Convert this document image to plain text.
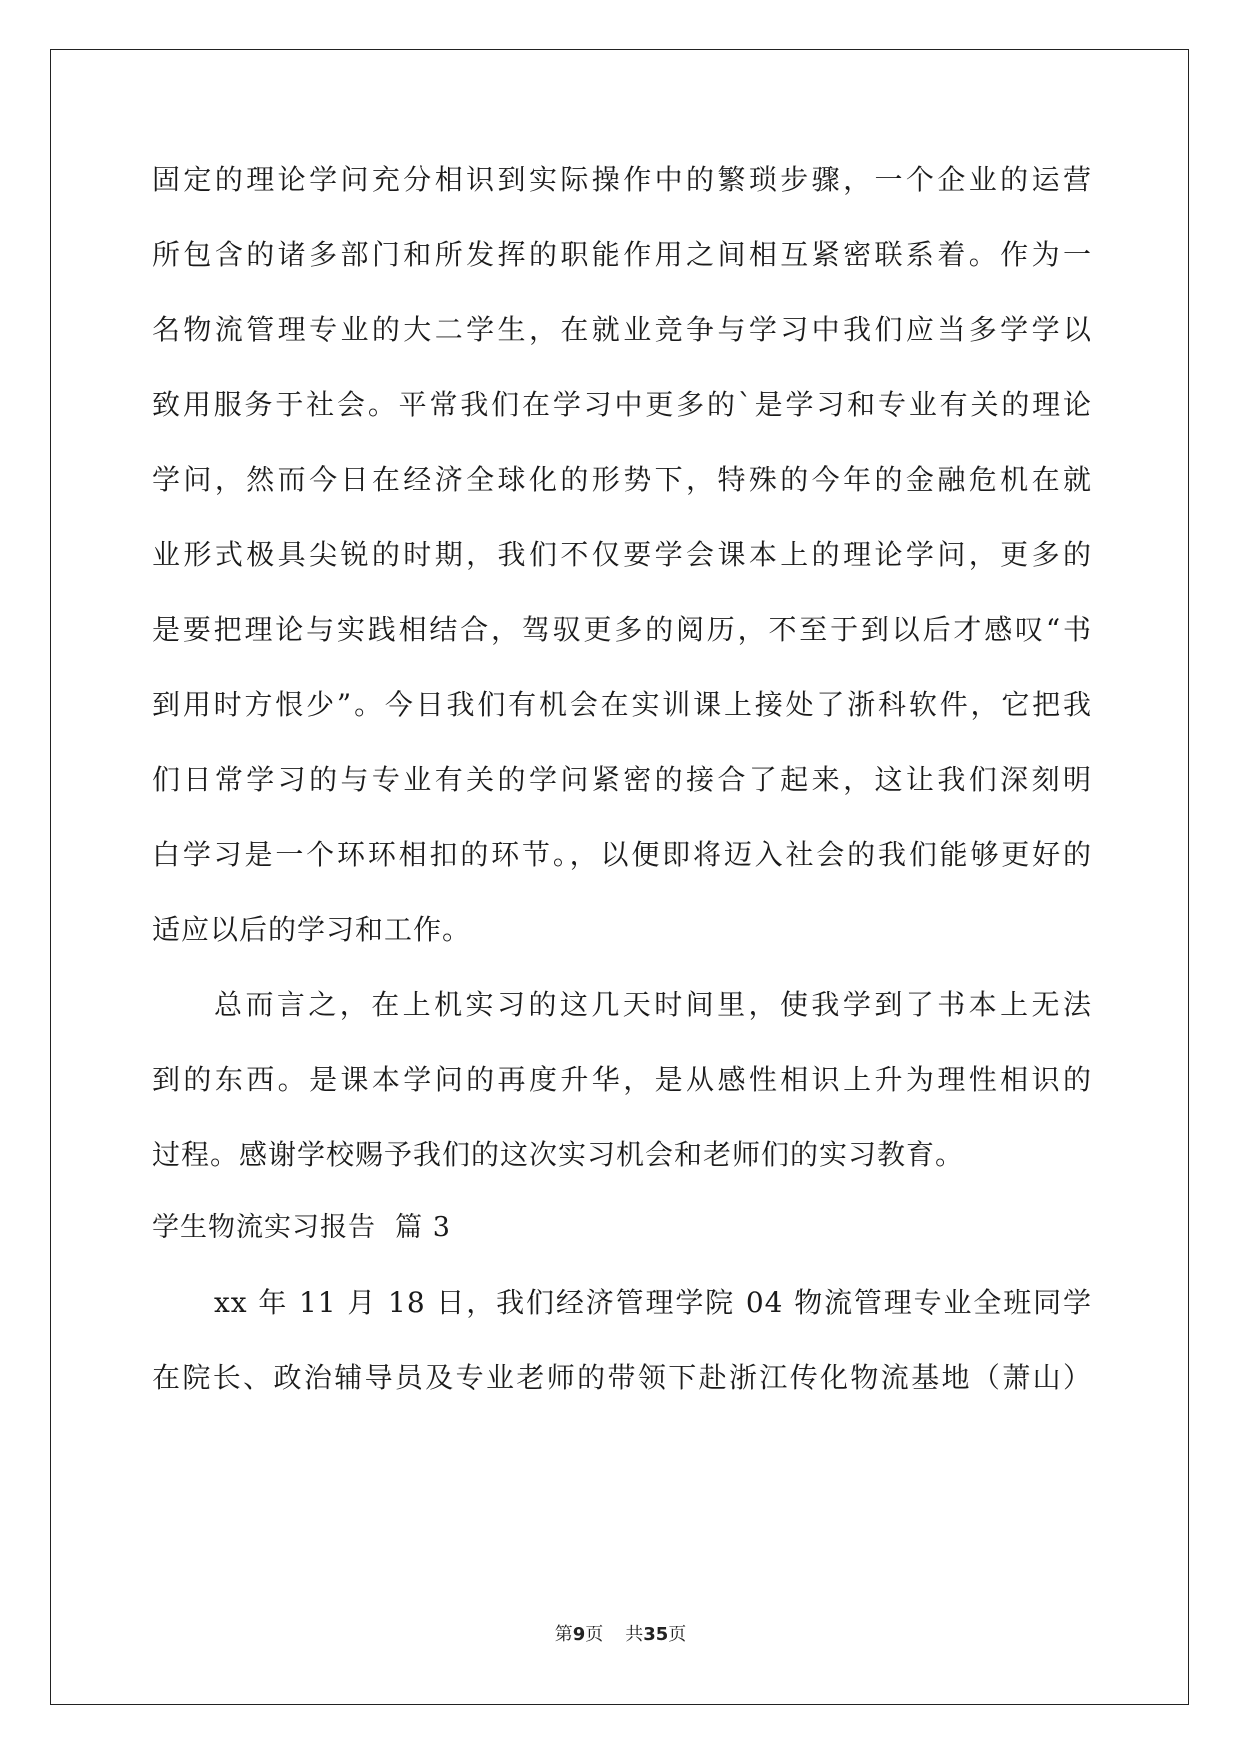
固定的理论学问充分相识到实际操作中的繁琐步骤，一个企业的运营
所包含的诸多部门和所发挥的职能作用之间相互紧密联系着。作为一
名物流管理专业的大二学生，在就业竞争与学习中我们应当多学学以
致用服务于社会。平常我们在学习中更多的`是学习和专业有关的理论
学问，然而今日在经济全球化的形势下，特殊的今年的金融危机在就
业形式极具尖锐的时期，我们不仅要学会课本上的理论学问，更多的
是要把理论与实践相结合，驾驭更多的阅历，不至于到以后才感叹“书
到用时方恨少”。今日我们有机会在实训课上接处了浙科软件，它把我
们日常学习的与专业有关的学问紧密的接合了起来，这让我们深刻明
白学习是一个环环相扣的环节。，以便即将迈入社会的我们能够更好的
适应以后的学习和工作。
总而言之，在上机实习的这几天时间里，使我学到了书本上无法
到的东西。是课本学问的再度升华，是从感性相识上升为理性相识的
过程。感谢学校赐予我们的这次实习机会和老师们的实习教育。
学生物流实习报告  篇 3
xx 年 11 月 18 日，我们经济管理学院 04 物流管理专业全班同学
在院长、政治辅导员及专业老师的带领下赴浙江传化物流基地（萧山）
第9页 共35页
